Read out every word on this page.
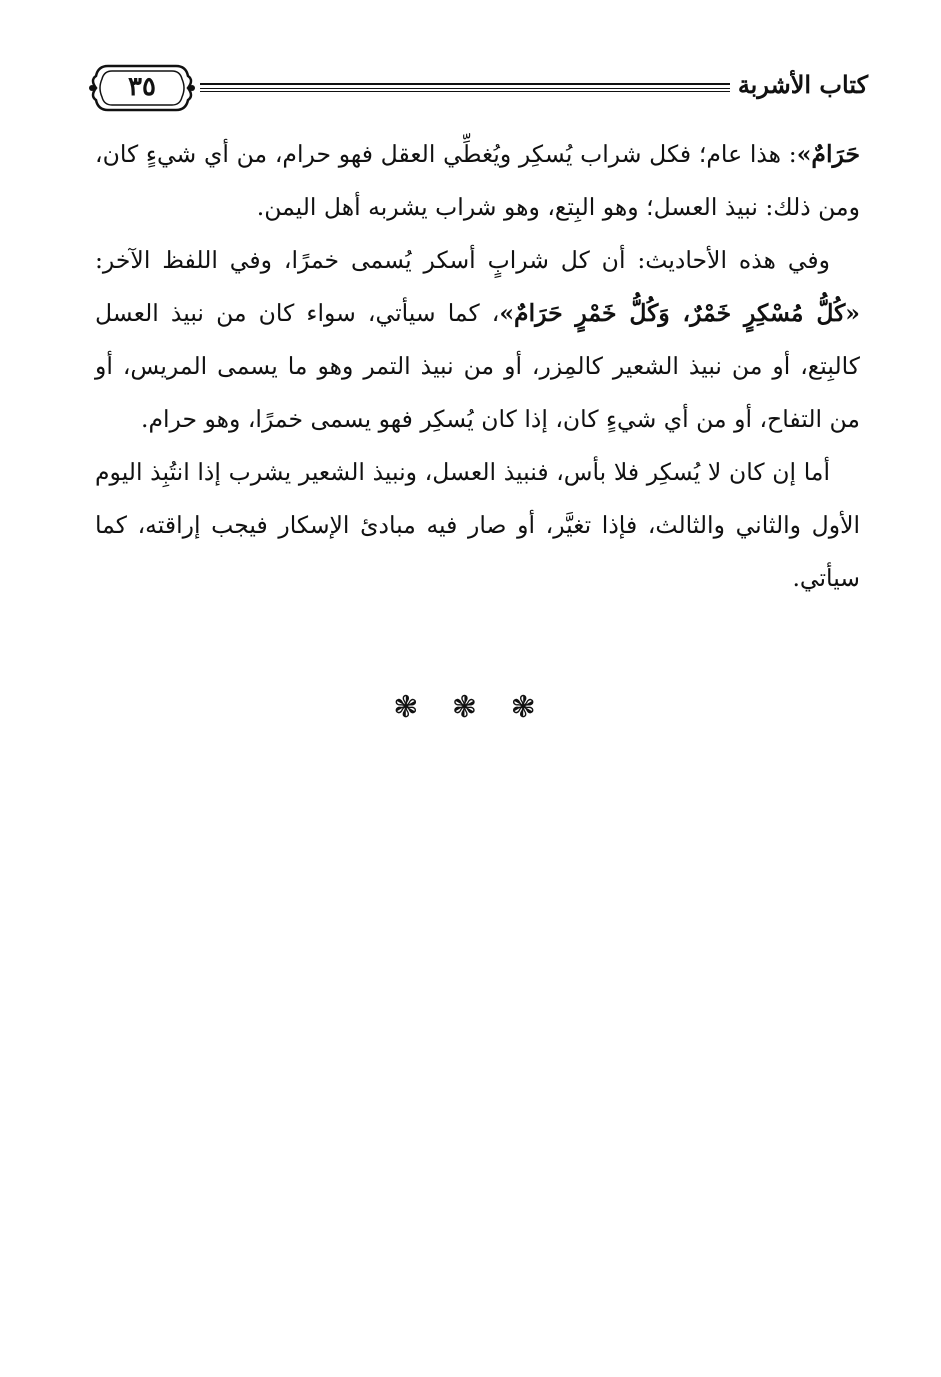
كتاب الأشربة
٣٥

حَرَامٌ»: هذا عام؛ فكل شراب يُسكِر ويُغطِّي العقل فهو حرام، من أي شيءٍ كان، ومن ذلك: نبيذ العسل؛ وهو البِتع، وهو شراب يشربه أهل اليمن.

وفي هذه الأحاديث: أن كل شرابٍ أسكر يُسمى خمرًا، وفي اللفظ الآخر: «كُلُّ مُسْكِرٍ خَمْرٌ، وَكُلُّ خَمْرٍ حَرَامٌ»، كما سيأتي، سواء كان من نبيذ العسل كالبِتع، أو من نبيذ الشعير كالمِزر، أو من نبيذ التمر وهو ما يسمى المريس، أو من التفاح، أو من أي شيءٍ كان، إذا كان يُسكِر فهو يسمى خمرًا، وهو حرام.

أما إن كان لا يُسكِر فلا بأس، فنبيذ العسل، ونبيذ الشعير يشرب إذا انتُبِذ اليوم الأول والثاني والثالث، فإذا تغيَّر، أو صار فيه مبادئ الإسكار فيجب إراقته، كما سيأتي.

❃ ❃ ❃
